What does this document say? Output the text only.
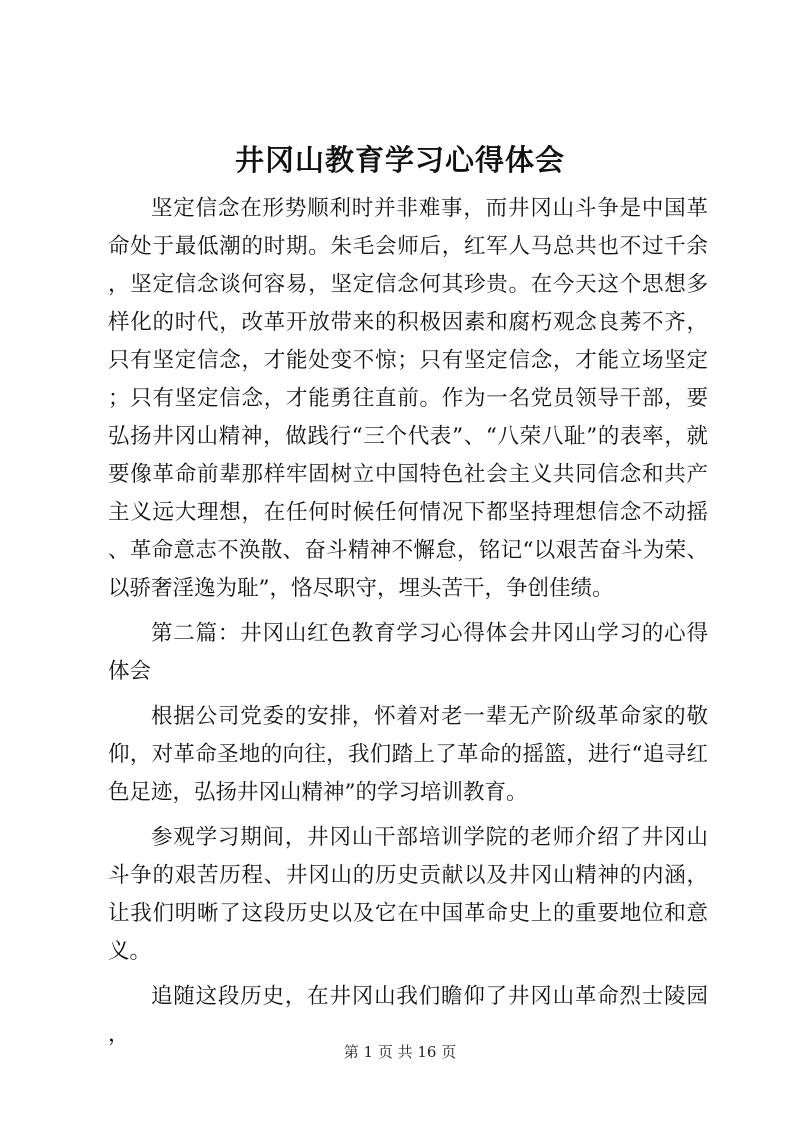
井冈山教育学习心得体会

坚定信念在形势顺利时并非难事，而井冈山斗争是中国革命处于最低潮的时期。朱毛会师后，红军人马总共也不过千余，坚定信念谈何容易，坚定信念何其珍贵。在今天这个思想多样化的时代，改革开放带来的积极因素和腐朽观念良莠不齐，只有坚定信念，才能处变不惊；只有坚定信念，才能立场坚定；只有坚定信念，才能勇往直前。作为一名党员领导干部，要弘扬井冈山精神，做践行“三个代表”、“八荣八耻”的表率，就要像革命前辈那样牢固树立中国特色社会主义共同信念和共产主义远大理想，在任何时候任何情况下都坚持理想信念不动摇、革命意志不涣散、奋斗精神不懈怠，铭记“以艰苦奋斗为荣、以骄奢淫逸为耻”，恪尽职守，埋头苦干，争创佳绩。

第二篇：井冈山红色教育学习心得体会井冈山学习的心得体会

根据公司党委的安排，怀着对老一辈无产阶级革命家的敬仰，对革命圣地的向往，我们踏上了革命的摇篮，进行“追寻红色足迹，弘扬井冈山精神”的学习培训教育。

参观学习期间，井冈山干部培训学院的老师介绍了井冈山斗争的艰苦历程、井冈山的历史贡献以及井冈山精神的内涵，让我们明晰了这段历史以及它在中国革命史上的重要地位和意义。

追随这段历史，在井冈山我们瞻仰了井冈山革命烈士陵园，

第 1 页 共 16 页
